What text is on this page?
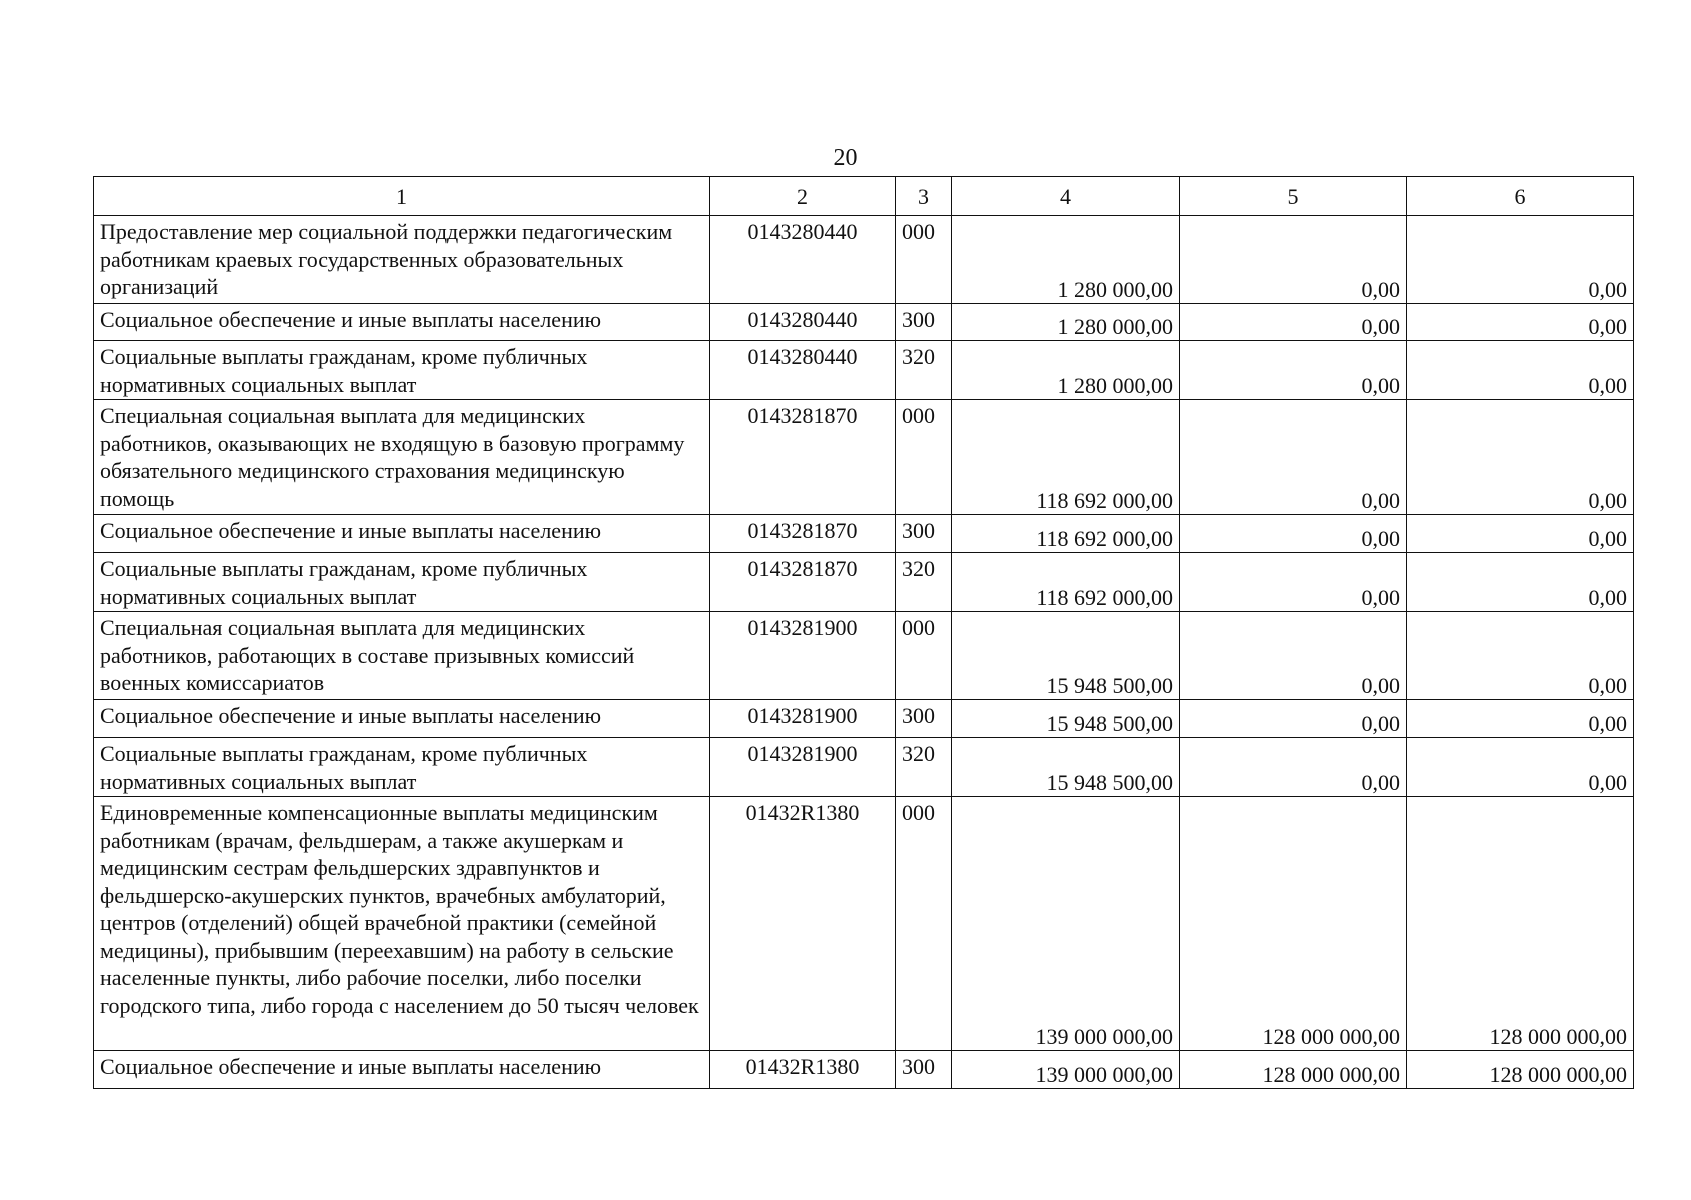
20
1	2	3	4	5	6
Предоставление мер социальной поддержки педагогическим работникам краевых государственных образовательных организаций	0143280440	000	1 280 000,00	0,00	0,00
Социальное обеспечение и иные выплаты населению	0143280440	300	1 280 000,00	0,00	0,00
Социальные выплаты гражданам, кроме публичных нормативных социальных выплат	0143280440	320	1 280 000,00	0,00	0,00
Специальная социальная выплата для медицинских работников, оказывающих не входящую в базовую программу обязательного медицинского страхования медицинскую помощь	0143281870	000	118 692 000,00	0,00	0,00
Социальное обеспечение и иные выплаты населению	0143281870	300	118 692 000,00	0,00	0,00
Социальные выплаты гражданам, кроме публичных нормативных социальных выплат	0143281870	320	118 692 000,00	0,00	0,00
Специальная социальная выплата для медицинских работников, работающих в составе призывных комиссий военных комиссариатов	0143281900	000	15 948 500,00	0,00	0,00
Социальное обеспечение и иные выплаты населению	0143281900	300	15 948 500,00	0,00	0,00
Социальные выплаты гражданам, кроме публичных нормативных социальных выплат	0143281900	320	15 948 500,00	0,00	0,00
Единовременные компенсационные выплаты медицинским работникам (врачам, фельдшерам, а также акушеркам и медицинским сестрам фельдшерских здравпунктов и фельдшерско-акушерских пунктов, врачебных амбулаторий, центров (отделений) общей врачебной практики (семейной медицины), прибывшим (переехавшим) на работу в сельские населенные пункты, либо рабочие поселки, либо поселки городского типа, либо города с населением до 50 тысяч человек	01432R1380	000	139 000 000,00	128 000 000,00	128 000 000,00
Социальное обеспечение и иные выплаты населению	01432R1380	300	139 000 000,00	128 000 000,00	128 000 000,00
